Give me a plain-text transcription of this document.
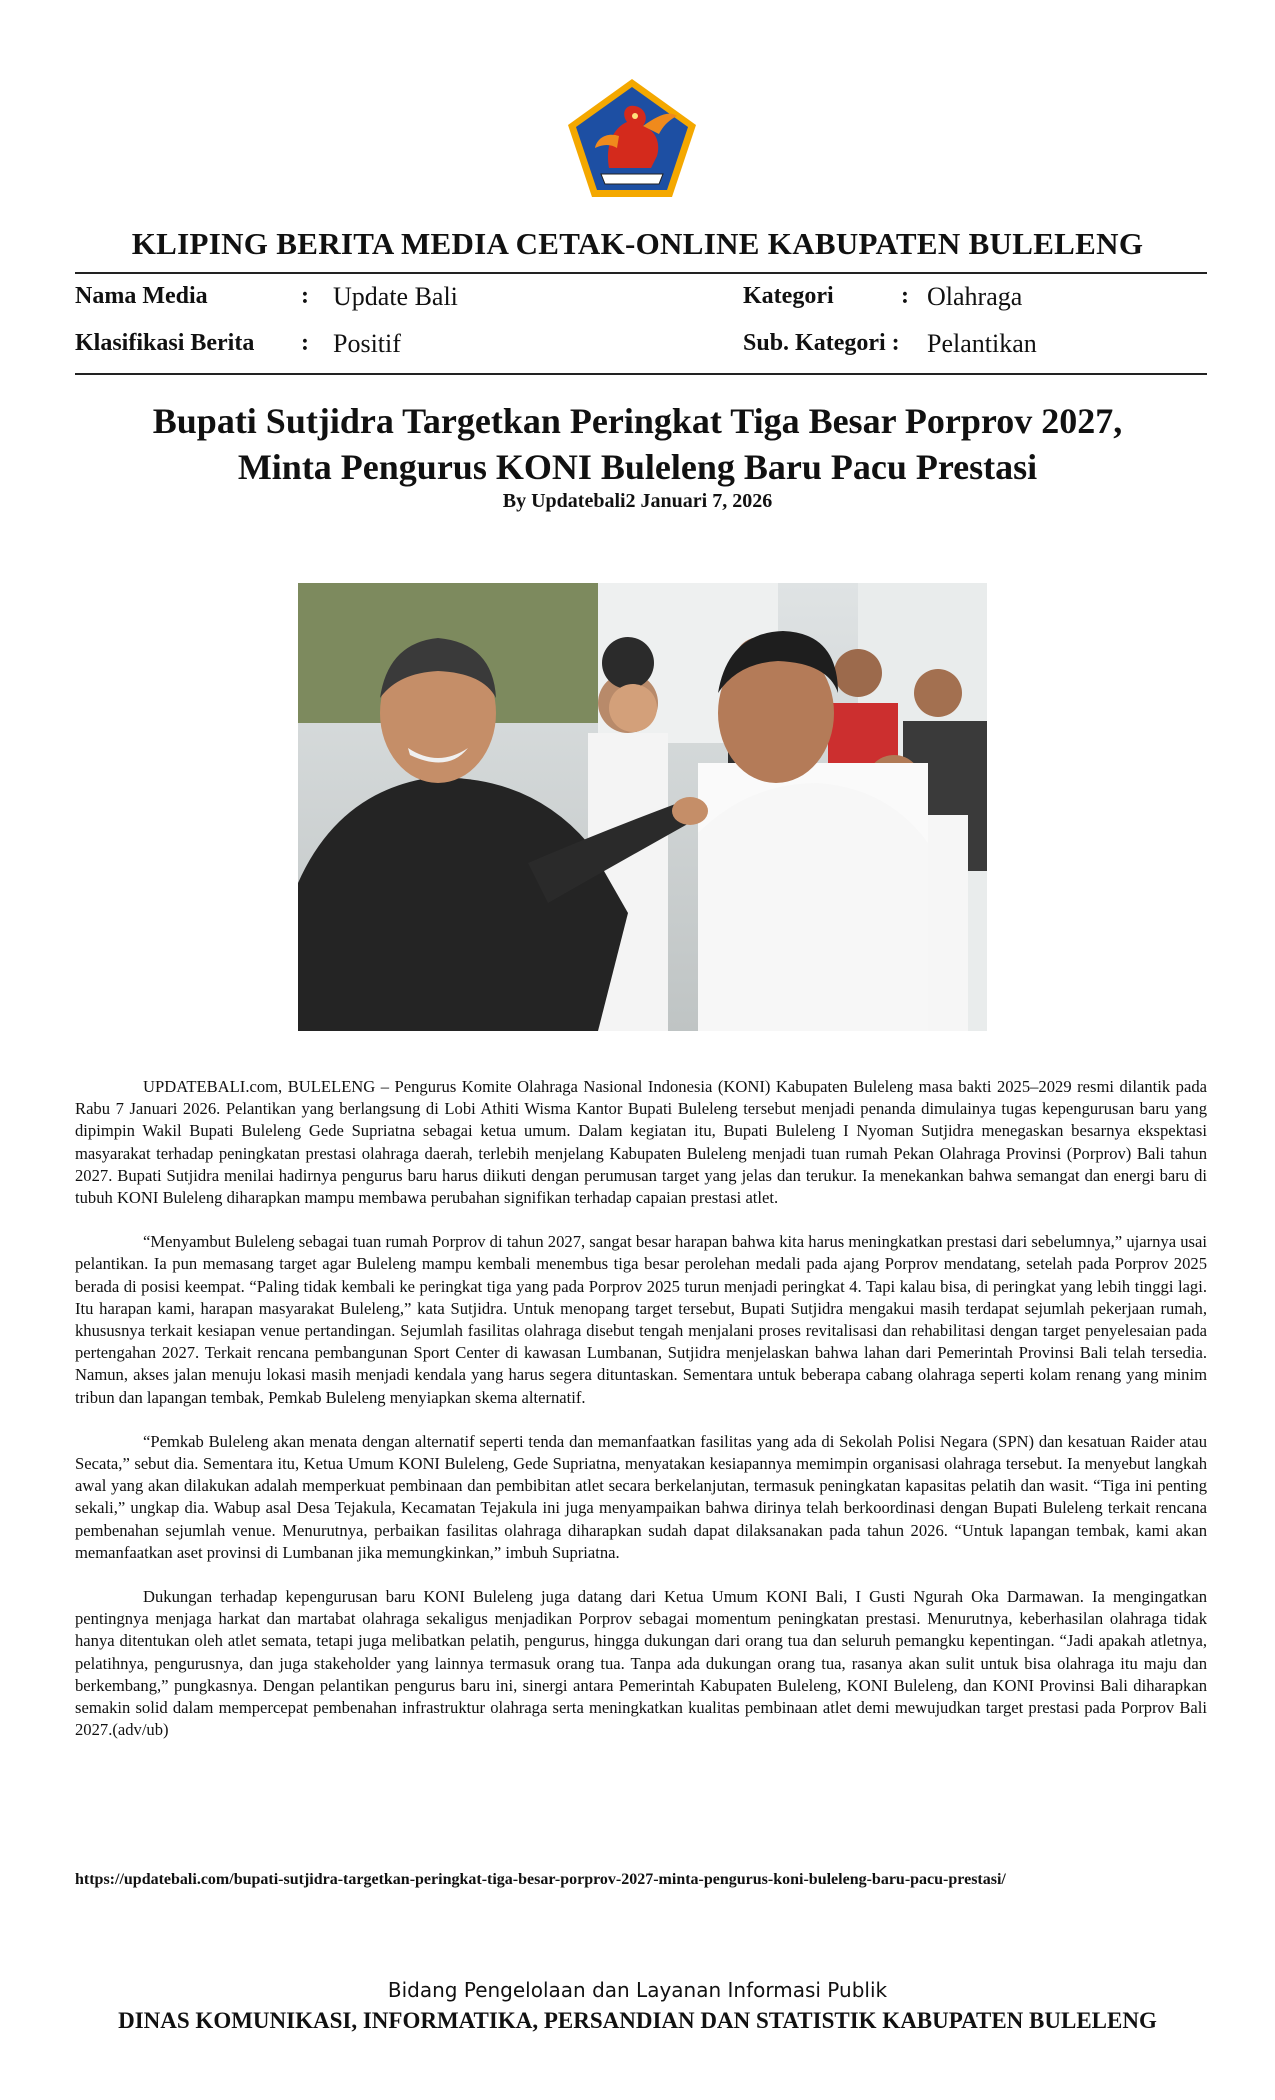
KLIPING BERITA MEDIA CETAK-ONLINE KABUPATEN BULELENG
Nama Media	: Update Bali	Kategori	: Olahraga
Klasifikasi Berita : Positif	Sub. Kategori : Pelantikan
Bupati Sutjidra Targetkan Peringkat Tiga Besar Porprov 2027,
Minta Pengurus KONI Buleleng Baru Pacu Prestasi
By Updatebali2 Januari 7, 2026

UPDATEBALI.com, BULELENG – Pengurus Komite Olahraga Nasional Indonesia (KONI) Kabupaten Buleleng masa bakti 2025–2029 resmi dilantik pada Rabu 7 Januari 2026. Pelantikan yang berlangsung di Lobi Athiti Wisma Kantor Bupati Buleleng tersebut menjadi penanda dimulainya tugas kepengurusan baru yang dipimpin Wakil Bupati Buleleng Gede Supriatna sebagai ketua umum. Dalam kegiatan itu, Bupati Buleleng I Nyoman Sutjidra menegaskan besarnya ekspektasi masyarakat terhadap peningkatan prestasi olahraga daerah, terlebih menjelang Kabupaten Buleleng menjadi tuan rumah Pekan Olahraga Provinsi (Porprov) Bali tahun 2027. Bupati Sutjidra menilai hadirnya pengurus baru harus diikuti dengan perumusan target yang jelas dan terukur. Ia menekankan bahwa semangat dan energi baru di tubuh KONI Buleleng diharapkan mampu membawa perubahan signifikan terhadap capaian prestasi atlet.

“Menyambut Buleleng sebagai tuan rumah Porprov di tahun 2027, sangat besar harapan bahwa kita harus meningkatkan prestasi dari sebelumnya,” ujarnya usai pelantikan. Ia pun memasang target agar Buleleng mampu kembali menembus tiga besar perolehan medali pada ajang Porprov mendatang, setelah pada Porprov 2025 berada di posisi keempat. “Paling tidak kembali ke peringkat tiga yang pada Porprov 2025 turun menjadi peringkat 4. Tapi kalau bisa, di peringkat yang lebih tinggi lagi. Itu harapan kami, harapan masyarakat Buleleng,” kata Sutjidra. Untuk menopang target tersebut, Bupati Sutjidra mengakui masih terdapat sejumlah pekerjaan rumah, khususnya terkait kesiapan venue pertandingan. Sejumlah fasilitas olahraga disebut tengah menjalani proses revitalisasi dan rehabilitasi dengan target penyelesaian pada pertengahan 2027. Terkait rencana pembangunan Sport Center di kawasan Lumbanan, Sutjidra menjelaskan bahwa lahan dari Pemerintah Provinsi Bali telah tersedia. Namun, akses jalan menuju lokasi masih menjadi kendala yang harus segera dituntaskan. Sementara untuk beberapa cabang olahraga seperti kolam renang yang minim tribun dan lapangan tembak, Pemkab Buleleng menyiapkan skema alternatif.

“Pemkab Buleleng akan menata dengan alternatif seperti tenda dan memanfaatkan fasilitas yang ada di Sekolah Polisi Negara (SPN) dan kesatuan Raider atau Secata,” sebut dia. Sementara itu, Ketua Umum KONI Buleleng, Gede Supriatna, menyatakan kesiapannya memimpin organisasi olahraga tersebut. Ia menyebut langkah awal yang akan dilakukan adalah memperkuat pembinaan dan pembibitan atlet secara berkelanjutan, termasuk peningkatan kapasitas pelatih dan wasit. “Tiga ini penting sekali,” ungkap dia. Wabup asal Desa Tejakula, Kecamatan Tejakula ini juga menyampaikan bahwa dirinya telah berkoordinasi dengan Bupati Buleleng terkait rencana pembenahan sejumlah venue. Menurutnya, perbaikan fasilitas olahraga diharapkan sudah dapat dilaksanakan pada tahun 2026. “Untuk lapangan tembak, kami akan memanfaatkan aset provinsi di Lumbanan jika memungkinkan,” imbuh Supriatna.

Dukungan terhadap kepengurusan baru KONI Buleleng juga datang dari Ketua Umum KONI Bali, I Gusti Ngurah Oka Darmawan. Ia mengingatkan pentingnya menjaga harkat dan martabat olahraga sekaligus menjadikan Porprov sebagai momentum peningkatan prestasi. Menurutnya, keberhasilan olahraga tidak hanya ditentukan oleh atlet semata, tetapi juga melibatkan pelatih, pengurus, hingga dukungan dari orang tua dan seluruh pemangku kepentingan. “Jadi apakah atletnya, pelatihnya, pengurusnya, dan juga stakeholder yang lainnya termasuk orang tua. Tanpa ada dukungan orang tua, rasanya akan sulit untuk bisa olahraga itu maju dan berkembang,” pungkasnya. Dengan pelantikan pengurus baru ini, sinergi antara Pemerintah Kabupaten Buleleng, KONI Buleleng, dan KONI Provinsi Bali diharapkan semakin solid dalam mempercepat pembenahan infrastruktur olahraga serta meningkatkan kualitas pembinaan atlet demi mewujudkan target prestasi pada Porprov Bali 2027.(adv/ub)

https://updatebali.com/bupati-sutjidra-targetkan-peringkat-tiga-besar-porprov-2027-minta-pengurus-koni-buleleng-baru-pacu-prestasi/
Bidang Pengelolaan dan Layanan Informasi Publik
DINAS KOMUNIKASI, INFORMATIKA, PERSANDIAN DAN STATISTIK KABUPATEN BULELENG
